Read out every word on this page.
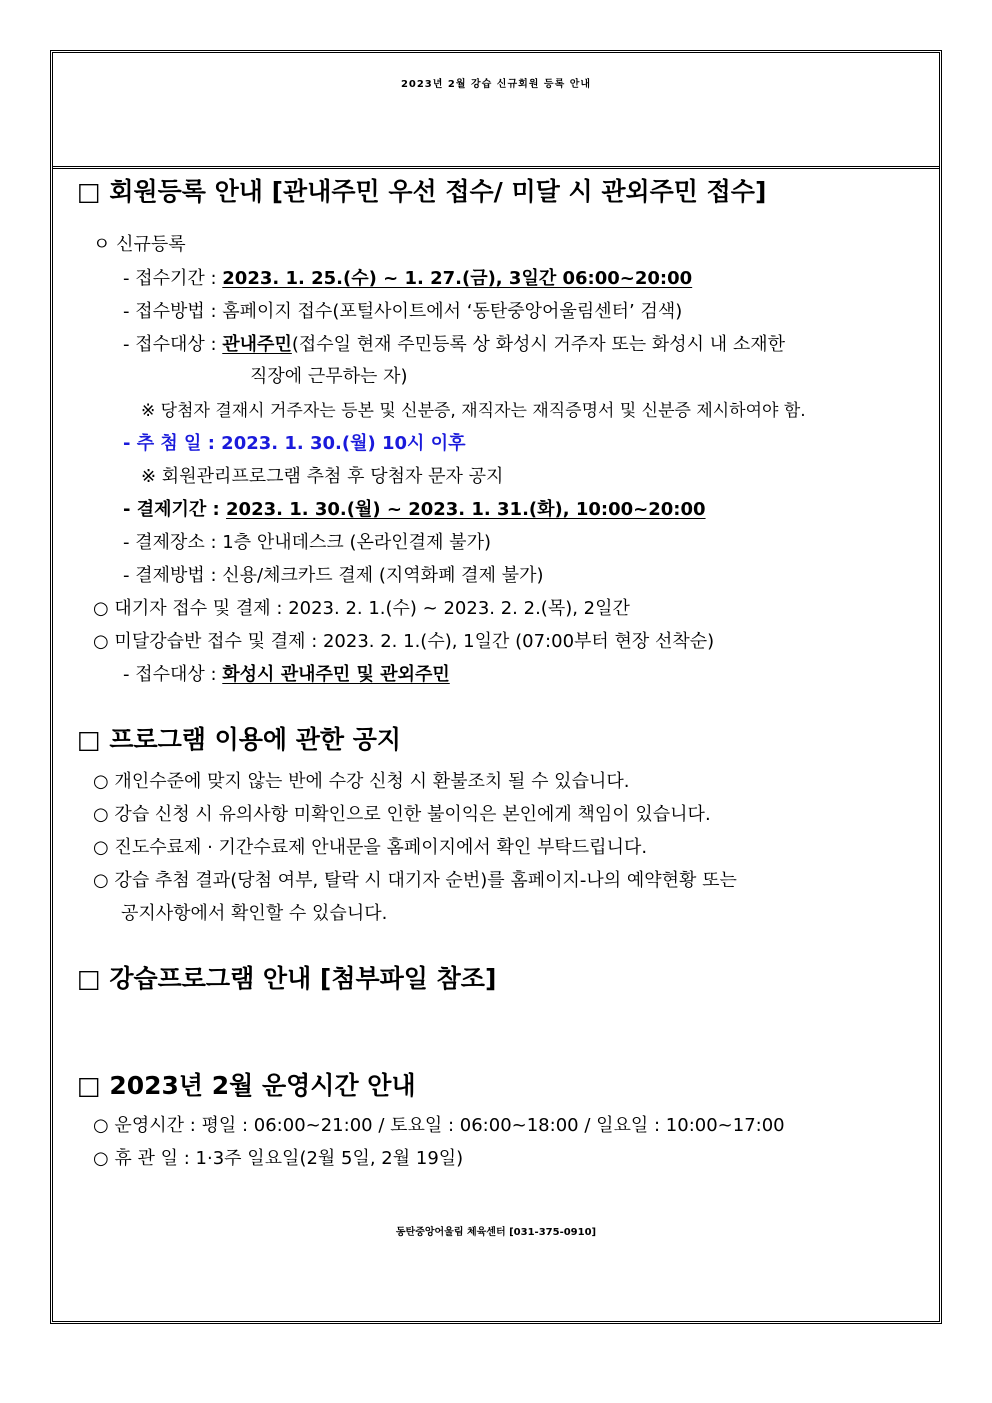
2023년 2월 강습 신규회원 등록 안내
□ 회원등록 안내 [관내주민 우선 접수/ 미달 시 관외주민 접수]
ㅇ 신규등록
- 접수기간 : 2023. 1. 25.(수) ~ 1. 27.(금), 3일간 06:00~20:00
- 접수방법 : 홈페이지 접수(포털사이트에서 ‘동탄중앙어울림센터’ 검색)
- 접수대상 : 관내주민(접수일 현재 주민등록 상 화성시 거주자 또는 화성시 내 소재한
직장에 근무하는 자)
※ 당첨자 결재시 거주자는 등본 및 신분증, 재직자는 재직증명서 및 신분증 제시하여야 함.
- 추 첨 일 : 2023. 1. 30.(월) 10시 이후
※ 회원관리프로그램 추첨 후 당첨자 문자 공지
- 결제기간 : 2023. 1. 30.(월) ~ 2023. 1. 31.(화), 10:00~20:00
- 결제장소 : 1층 안내데스크 (온라인결제 불가)
- 결제방법 : 신용/체크카드 결제 (지역화폐 결제 불가)
○ 대기자 접수 및 결제 : 2023. 2. 1.(수) ~ 2023. 2. 2.(목), 2일간
○ 미달강습반 접수 및 결제 : 2023. 2. 1.(수), 1일간 (07:00부터 현장 선착순)
- 접수대상 : 화성시 관내주민 및 관외주민
□ 프로그램 이용에 관한 공지
○ 개인수준에 맞지 않는 반에 수강 신청 시 환불조치 될 수 있습니다.
○ 강습 신청 시 유의사항 미확인으로 인한 불이익은 본인에게 책임이 있습니다.
○ 진도수료제 · 기간수료제 안내문을 홈페이지에서 확인 부탁드립니다.
○ 강습 추첨 결과(당첨 여부, 탈락 시 대기자 순번)를 홈페이지-나의 예약현황 또는
공지사항에서 확인할 수 있습니다.
□ 강습프로그램 안내 [첨부파일 참조]
□ 2023년 2월 운영시간 안내
○ 운영시간 : 평일 : 06:00~21:00 / 토요일 : 06:00~18:00 / 일요일 : 10:00~17:00
○ 휴 관 일 : 1·3주 일요일(2월 5일, 2월 19일)
동탄중앙어울림 체육센터 [031-375-0910]
